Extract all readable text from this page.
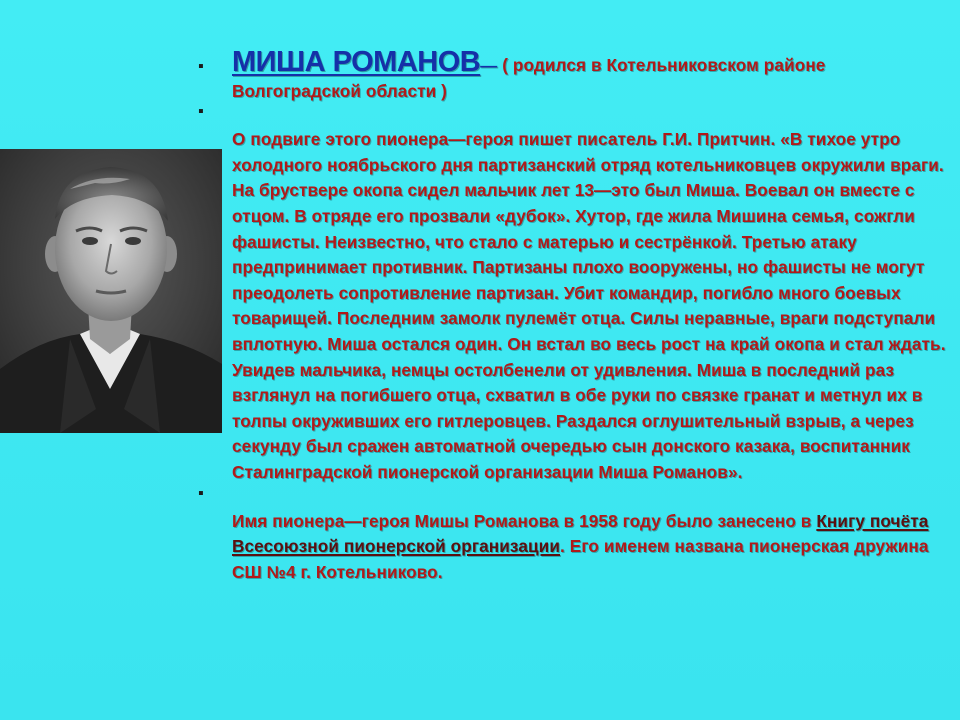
▪ МИША РОМАНОВ— ( родился в Котельниковском районе Волгоградской области )
▪
О подвиге этого пионера—героя пишет писатель Г.И. Притчин. «В тихое утро холодного ноябрьского дня партизанский отряд котельниковцев окружили враги. На бруствере окопа сидел мальчик лет 13—это был Миша. Воевал он вместе с отцом. В отряде его прозвали «дубок». Хутор, где жила Мишина семья, сожгли фашисты. Неизвестно, что стало с матерью и сестрёнкой. Третью атаку предпринимает противник. Партизаны плохо вооружены, но фашисты не могут преодолеть сопротивление партизан. Убит командир, погибло много боевых товарищей. Последним замолк пулемёт отца. Силы неравные, враги подступали вплотную. Миша остался один. Он встал во весь рост на край окопа и стал ждать. Увидев мальчика, немцы остолбенели от удивления. Миша в последний раз взглянул на погибшего отца, схватил в обе руки по связке гранат и метнул их в толпы окруживших его гитлеровцев. Раздался оглушительный взрыв, а через секунду был сражен автоматной очередью сын донского казака, воспитанник Сталинградской пионерской организации Миша Романов».
▪
Имя пионера—героя Мишы Романова в 1958 году было занесено в Книгу почёта Всесоюзной пионерской организации. Его именем названа пионерская дружина СШ №4 г. Котельниково.
